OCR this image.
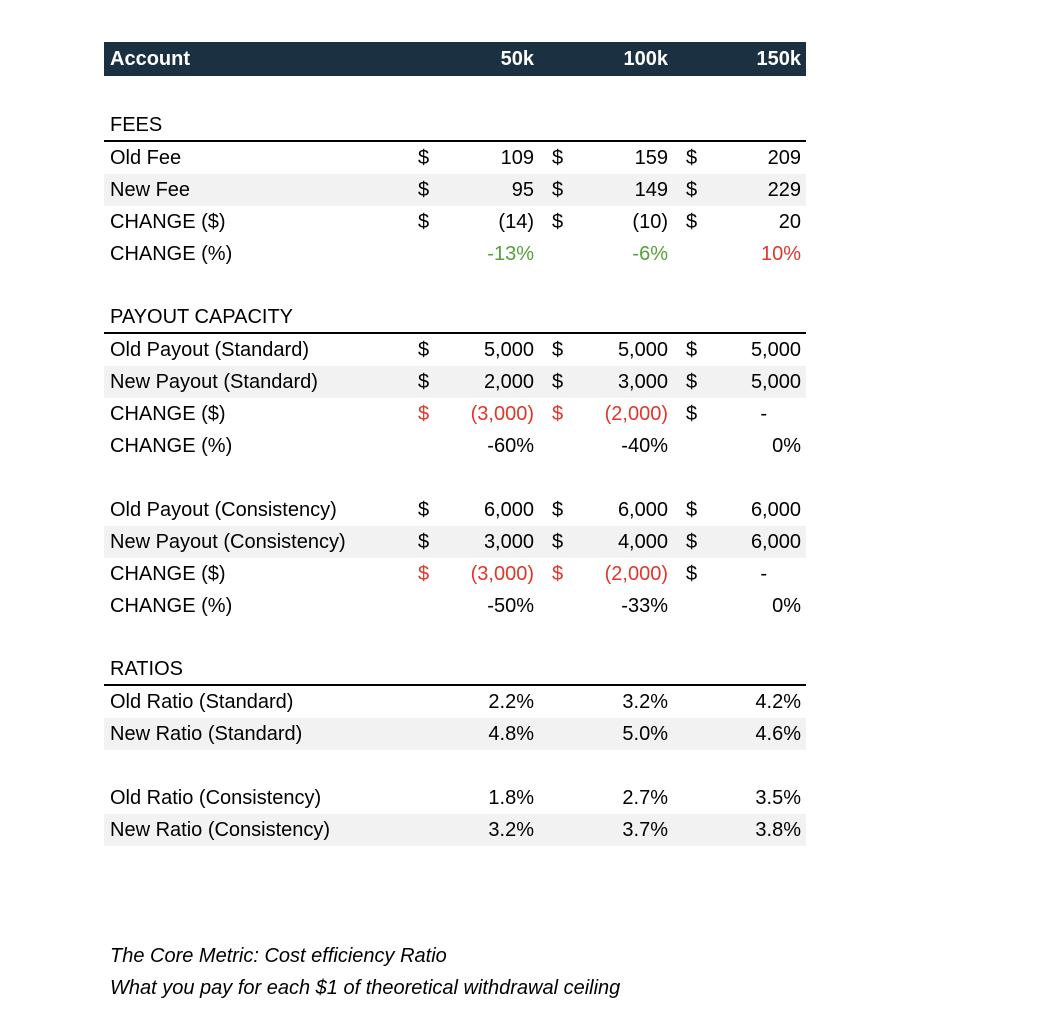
Account	50k	100k	150k
FEES
Old Fee	$	109 $	159 $	209
New Fee	$	95 $	149 $	229
CHANGE ($)	$	(14) $	(10) $	20
CHANGE (%)	-13%	-6%	10%
PAYOUT CAPACITY
Old Payout (Standard)	$	5,000 $	5,000 $	5,000
New Payout (Standard)	$	2,000 $	3,000 $	5,000
CHANGE ($)	$	(3,000) $	(2,000) $	-
CHANGE (%)	-60%	-40%	0%
Old Payout (Consistency)	$	6,000 $	6,000 $	6,000
New Payout (Consistency)	$	3,000 $	4,000 $	6,000
CHANGE ($)	$	(3,000) $	(2,000) $	-
CHANGE (%)	-50%	-33%	0%
RATIOS
Old Ratio (Standard)	2.2%	3.2%	4.2%
New Ratio (Standard)	4.8%	5.0%	4.6%
Old Ratio (Consistency)	1.8%	2.7%	3.5%
New Ratio (Consistency)	3.2%	3.7%	3.8%
The Core Metric: Cost efficiency Ratio
What you pay for each $1 of theoretical withdrawal ceiling
